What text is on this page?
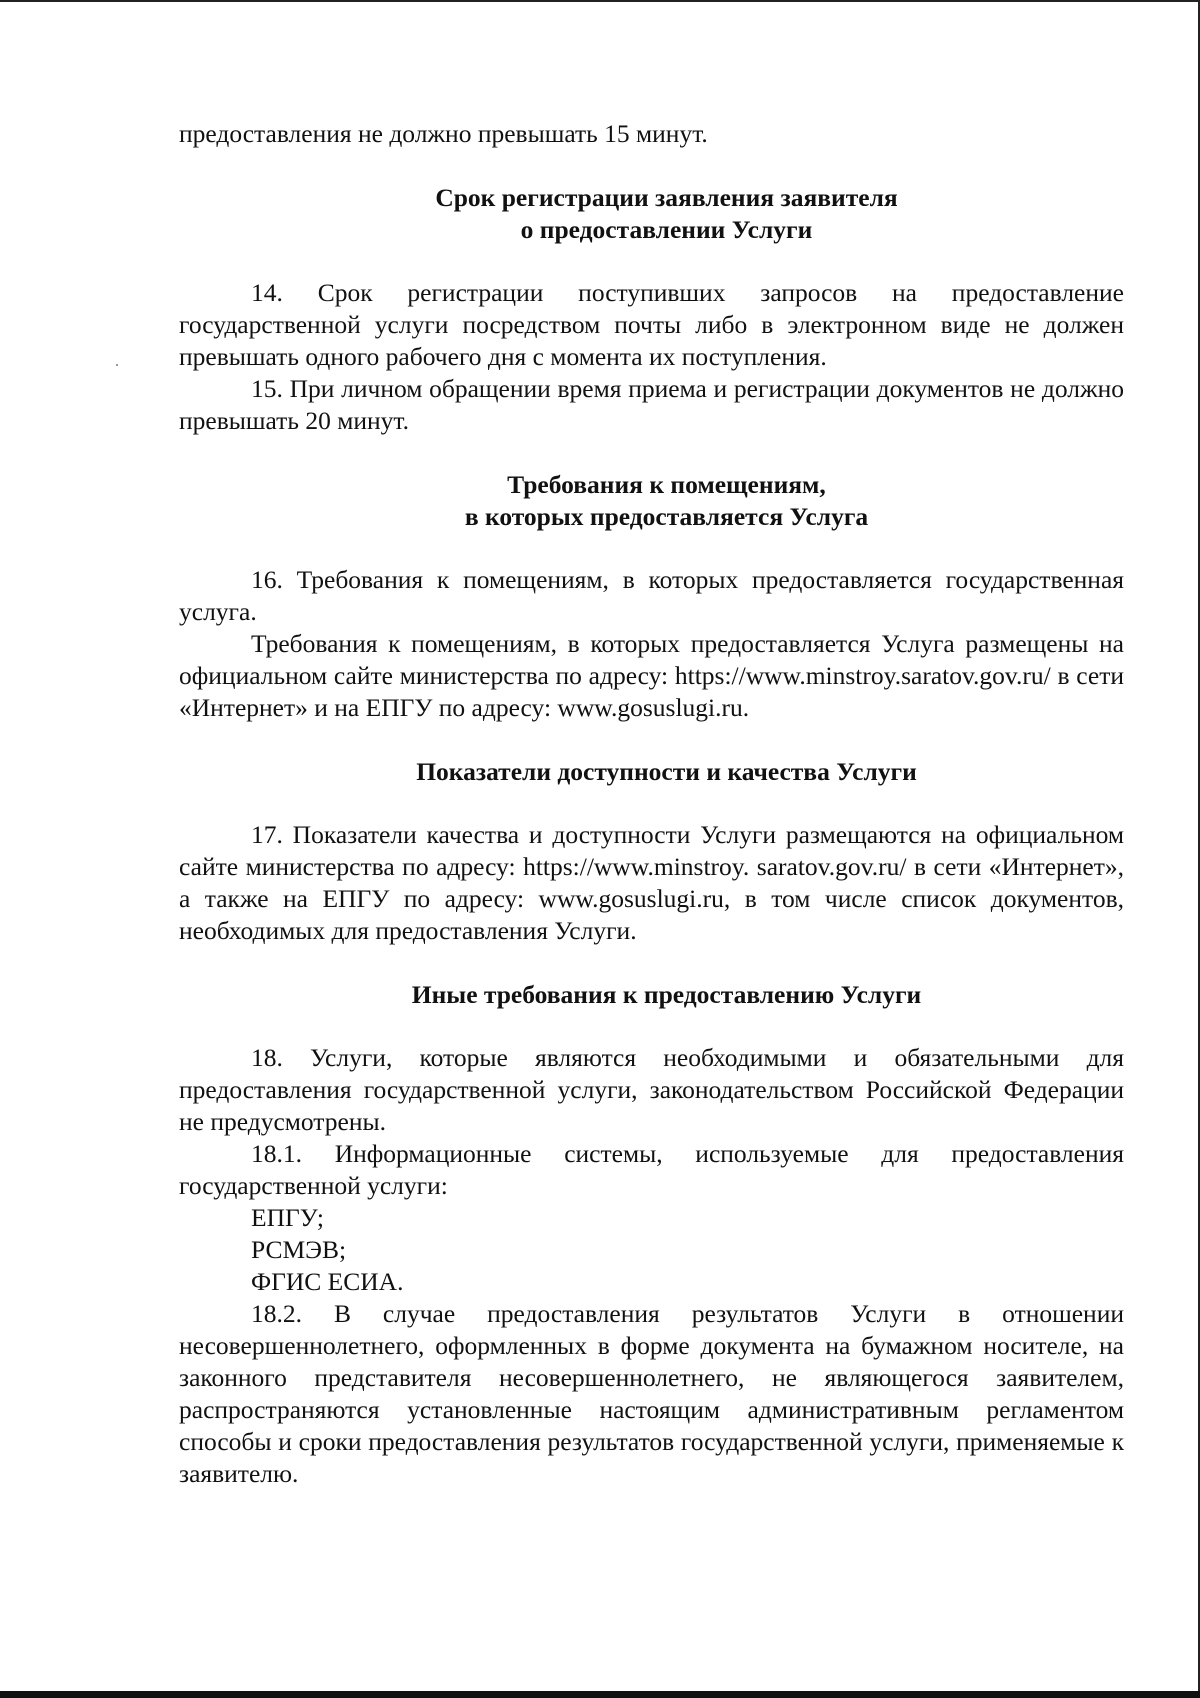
предоставления не должно превышать 15 минут.

Срок регистрации заявления заявителя
о предоставлении Услуги

14. Срок регистрации поступивших запросов на предоставление государственной услуги посредством почты либо в электронном виде не должен превышать одного рабочего дня с момента их поступления.

15. При личном обращении время приема и регистрации документов не должно превышать 20 минут.

Требования к помещениям,
в которых предоставляется Услуга

16. Требования к помещениям, в которых предоставляется государственная услуга.

Требования к помещениям, в которых предоставляется Услуга размещены на официальном сайте министерства по адресу: https://www.minstroy.saratov.gov.ru/ в сети «Интернет» и на ЕПГУ по адресу: www.gosuslugi.ru.

Показатели доступности и качества Услуги

17. Показатели качества и доступности Услуги размещаются на официальном сайте министерства по адресу: https://www.minstroy. saratov.gov.ru/ в сети «Интернет», а также на ЕПГУ по адресу: www.gosuslugi.ru, в том числе список документов, необходимых для предоставления Услуги.

Иные требования к предоставлению Услуги

18. Услуги, которые являются необходимыми и обязательными для предоставления государственной услуги, законодательством Российской Федерации не предусмотрены.

18.1. Информационные системы, используемые для предоставления государственной услуги:

ЕПГУ;

РСМЭВ;

ФГИС ЕСИА.

18.2. В случае предоставления результатов Услуги в отношении несовершеннолетнего, оформленных в форме документа на бумажном носителе, на законного представителя несовершеннолетнего, не являющегося заявителем, распространяются установленные настоящим административным регламентом способы и сроки предоставления результатов государственной услуги, применяемые к заявителю.
